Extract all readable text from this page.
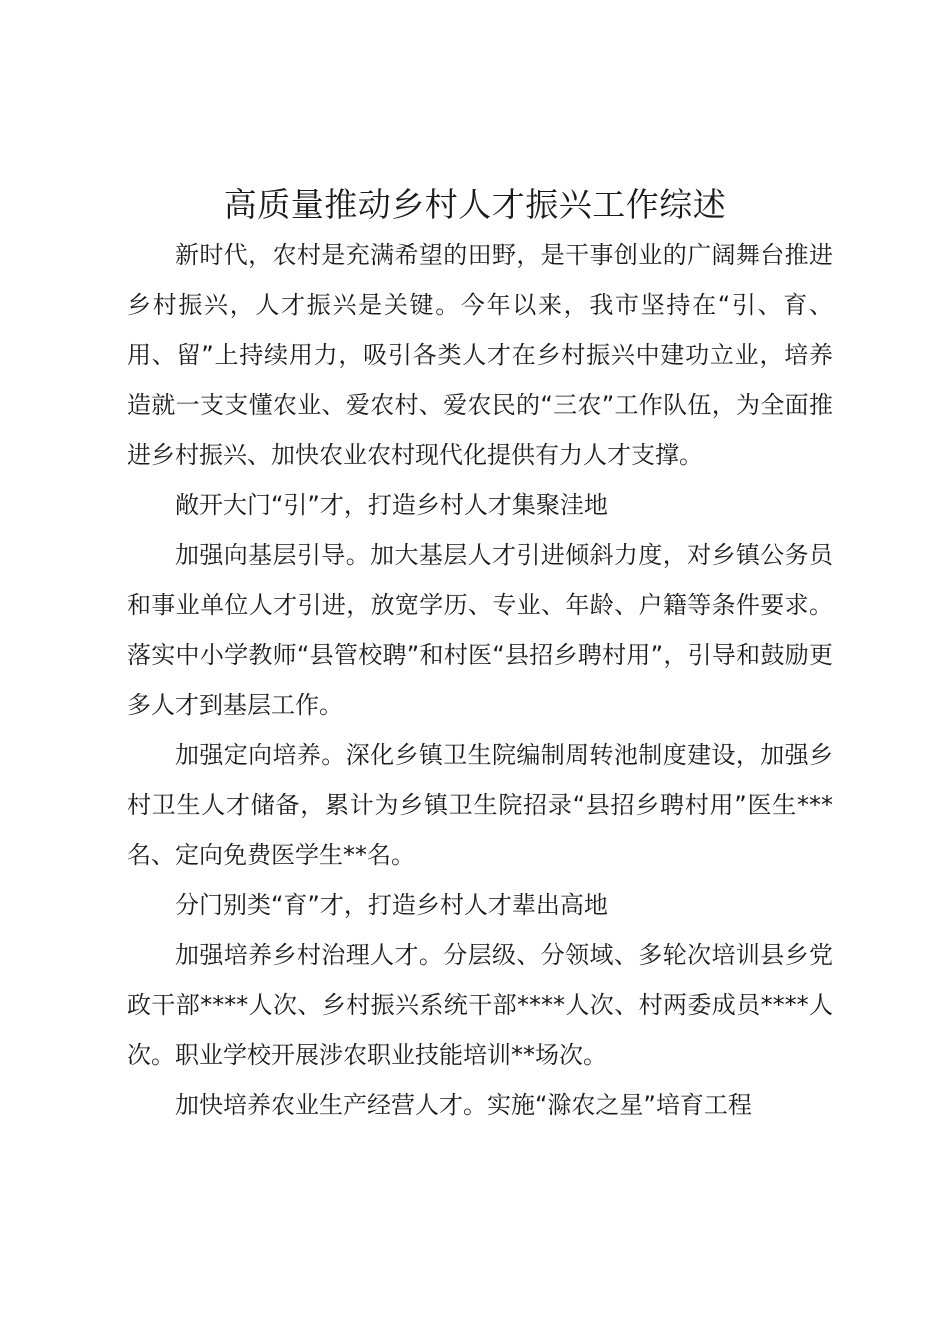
高质量推动乡村人才振兴工作综述

新时代，农村是充满希望的田野，是干事创业的广阔舞台推进乡村振兴，人才振兴是关键。今年以来，我市坚持在“引、育、用、留”上持续用力，吸引各类人才在乡村振兴中建功立业，培养造就一支支懂农业、爱农村、爱农民的“三农”工作队伍，为全面推进乡村振兴、加快农业农村现代化提供有力人才支撑。

敞开大门“引”才，打造乡村人才集聚洼地

加强向基层引导。加大基层人才引进倾斜力度，对乡镇公务员和事业单位人才引进，放宽学历、专业、年龄、户籍等条件要求。落实中小学教师“县管校聘”和村医“县招乡聘村用”，引导和鼓励更多人才到基层工作。

加强定向培养。深化乡镇卫生院编制周转池制度建设，加强乡村卫生人才储备，累计为乡镇卫生院招录“县招乡聘村用”医生***名、定向免费医学生**名。

分门别类“育”才，打造乡村人才辈出高地

加强培养乡村治理人才。分层级、分领域、多轮次培训县乡党政干部****人次、乡村振兴系统干部****人次、村两委成员****人次。职业学校开展涉农职业技能培训**场次。

加快培养农业生产经营人才。实施“滁农之星”培育工程
